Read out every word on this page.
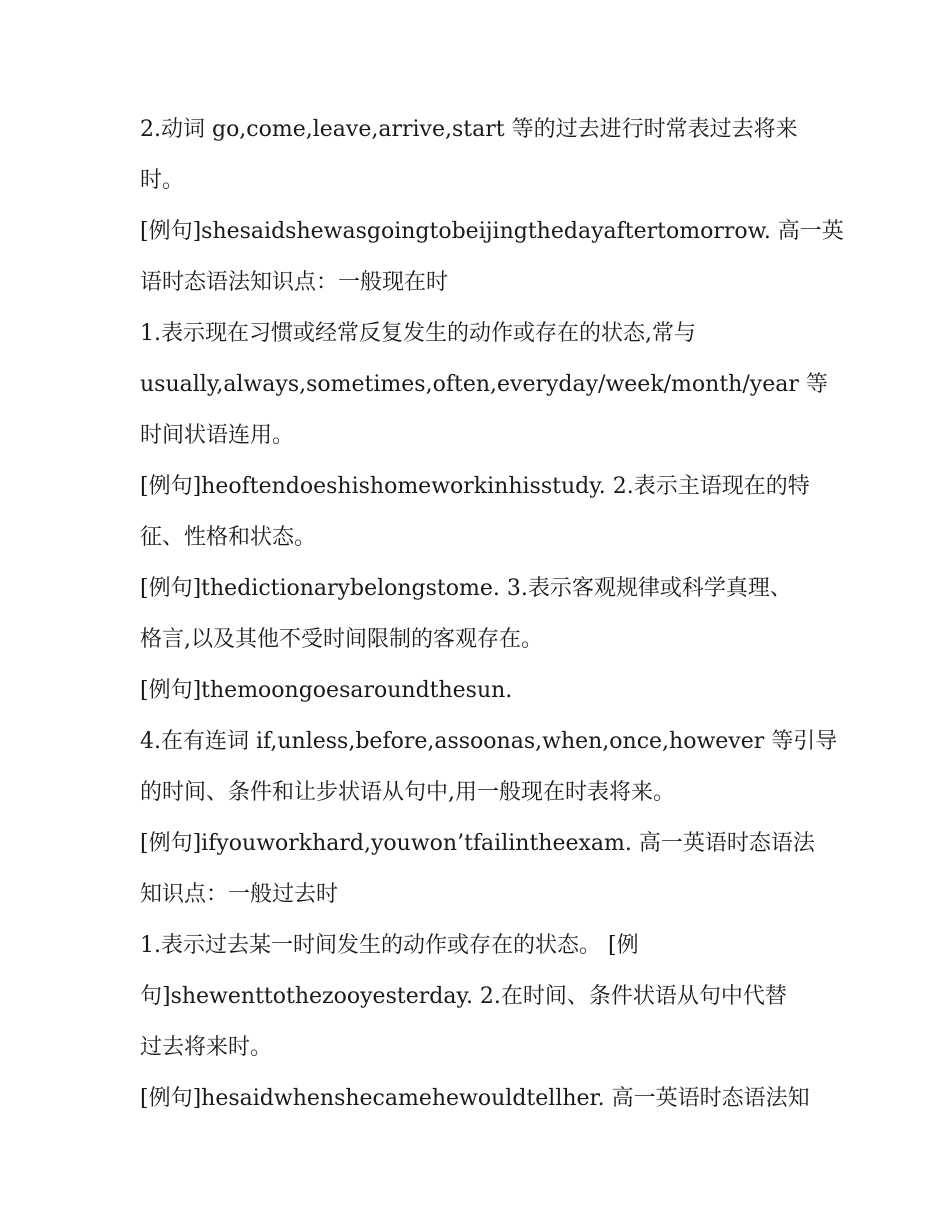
2.动词 go,come,leave,arrive,start 等的过去进行时常表过去将来
时。
[例句]shesaidshewasgoingtobeijingthedayaftertomorrow. 高一英
语时态语法知识点：一般现在时
1.表示现在习惯或经常反复发生的动作或存在的状态,常与
usually,always,sometimes,often,everyday/week/month/year 等
时间状语连用。
[例句]heoftendoeshishomeworkinhisstudy. 2.表示主语现在的特
征、性格和状态。
[例句]thedictionarybelongstome. 3.表示客观规律或科学真理、
格言,以及其他不受时间限制的客观存在。
[例句]themoongoesaroundthesun.
4.在有连词 if,unless,before,assoonas,when,once,however 等引导
的时间、条件和让步状语从句中,用一般现在时表将来。
[例句]ifyouworkhard,youwon’tfailintheexam. 高一英语时态语法
知识点：一般过去时
1.表示过去某一时间发生的动作或存在的状态。 [例
句]shewenttothezooyesterday. 2.在时间、条件状语从句中代替
过去将来时。
[例句]hesaidwhenshecamehewouldtellher. 高一英语时态语法知
